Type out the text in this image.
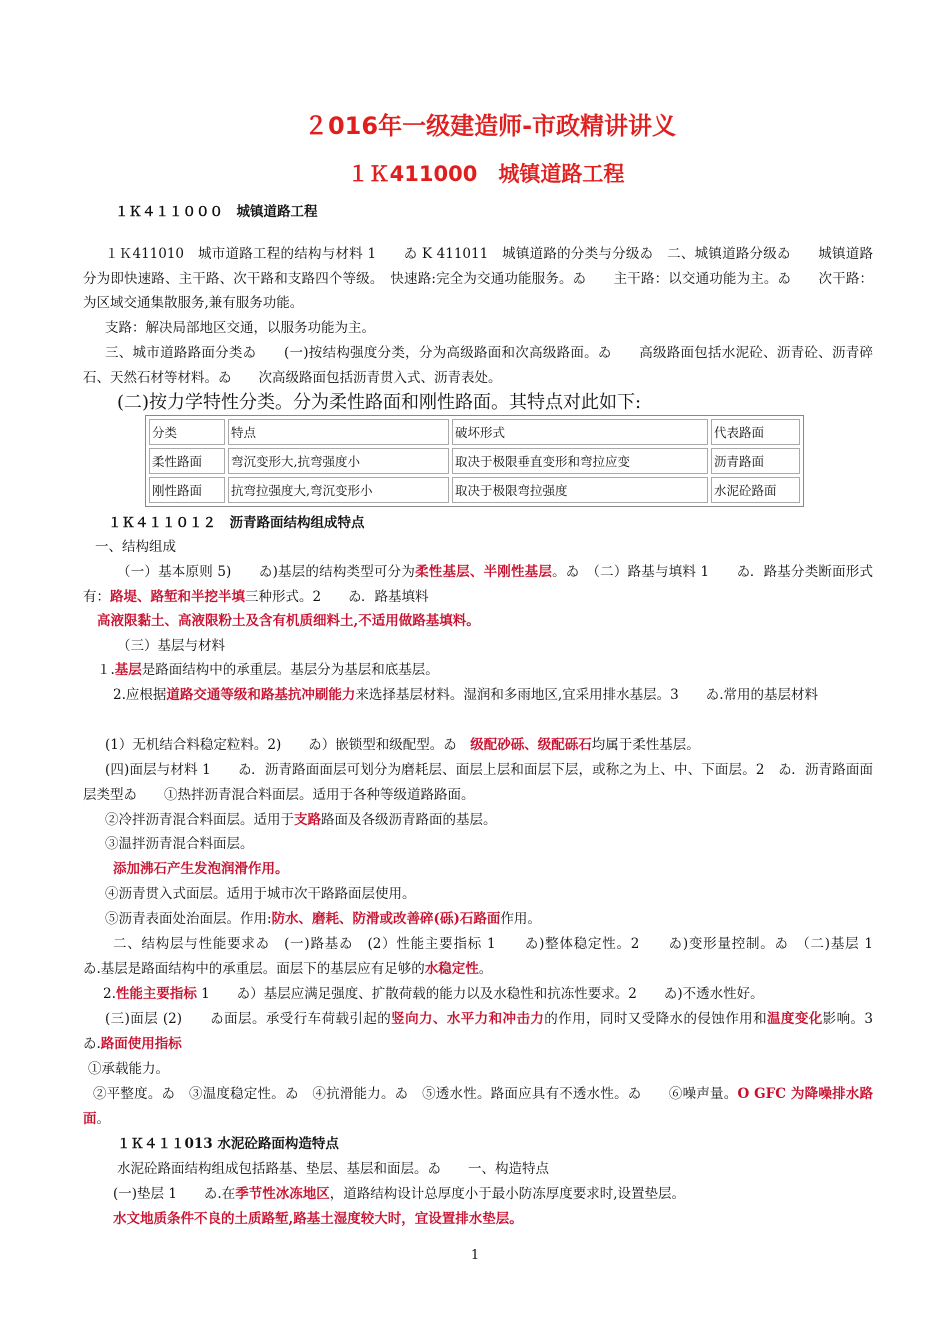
２016年一级建造师-市政精讲讲义
１Ｋ411000　城镇道路工程
１Ｋ４１１０００　城镇道路工程
１Ｋ411010　城市道路工程的结构与材料 1　　ゐ K 411011　城镇道路的分类与分级ゐ　二、城镇道路分级ゐ　　城镇道路分为即快速路、主干路、次干路和支路四个等级。　快速路:完全为交通功能服务。ゐ　　主干路：以交通功能为主。ゐ　　次干路：为区域交通集散服务,兼有服务功能。
支路：解决局部地区交通，以服务功能为主。
三、城市道路路面分类ゐ　　(一)按结构强度分类，分为高级路面和次高级路面。ゐ　　高级路面包括水泥砼、沥青砼、沥青碎石、天然石材等材料。ゐ　　次高级路面包括沥青贯入式、沥青表处。
(二)按力学特性分类。分为柔性路面和刚性路面。其特点对此如下:
分类	特点	破坏形式	代表路面
柔性路面	弯沉变形大,抗弯强度小	取决于极限垂直变形和弯拉应变	沥青路面
刚性路面	抗弯拉强度大,弯沉变形小	取决于极限弯拉强度	水泥砼路面
１Ｋ４１１０１２　沥青路面结构组成特点
一、结构组成
（一）基本原则 5)　　ゐ)基层的结构类型可分为柔性基层、半刚性基层。ゐ　（二）路基与填料 1　　ゐ．路基分类断面形式有：路堤、路堑和半挖半填三种形式。2　　ゐ．路基填料
高液限黏土、高液限粉土及含有机质细料土,不适用做路基填料。
（三）基层与材料
１.基层是路面结构中的承重层。基层分为基层和底基层。
2.应根据道路交通等级和路基抗冲刷能力来选择基层材料。湿润和多雨地区,宜采用排水基层。3　　ゐ.常用的基层材料
(1）无机结合料稳定粒料。2)　　ゐ）嵌锁型和级配型。ゐ　级配砂砾、级配砾石均属于柔性基层。
(四)面层与材料 1　　ゐ．沥青路面面层可划分为磨耗层、面层上层和面层下层，或称之为上、中、下面层。2　ゐ．沥青路面面层类型ゐ　　①热拌沥青混合料面层。适用于各种等级道路路面。
②冷拌沥青混合料面层。适用于支路路面及各级沥青路面的基层。
③温拌沥青混合料面层。
添加沸石产生发泡润滑作用。
④沥青贯入式面层。适用于城市次干路路面层使用。
⑤沥青表面处治面层。作用:防水、磨耗、防滑或改善碎(砾)石路面作用。
二、结构层与性能要求ゐ　(一)路基ゐ　(2）性能主要指标 1　　ゐ)整体稳定性。2　　ゐ)变形量控制。ゐ　（二)基层 1　　ゐ.基层是路面结构中的承重层。面层下的基层应有足够的水稳定性。
2.性能主要指标 1　　ゐ）基层应满足强度、扩散荷载的能力以及水稳性和抗冻性要求。2　　ゐ)不透水性好。
(三)面层 (2)　　ゐ面层。承受行车荷载引起的竖向力、水平力和冲击力的作用，同时又受降水的侵蚀作用和温度变化影响。3　ゐ.路面使用指标
①承载能力。
②平整度。ゐ　③温度稳定性。ゐ　④抗滑能力。ゐ　⑤透水性。路面应具有不透水性。ゐ　　⑥噪声量。O GFC 为降噪排水路面。
１Ｋ４１１013 水泥砼路面构造特点
水泥砼路面结构组成包括路基、垫层、基层和面层。ゐ　　一、构造特点
(一)垫层 1　　ゐ.在季节性冰冻地区，道路结构设计总厚度小于最小防冻厚度要求时,设置垫层。
水文地质条件不良的土质路堑,路基土湿度较大时，宜设置排水垫层。
1
